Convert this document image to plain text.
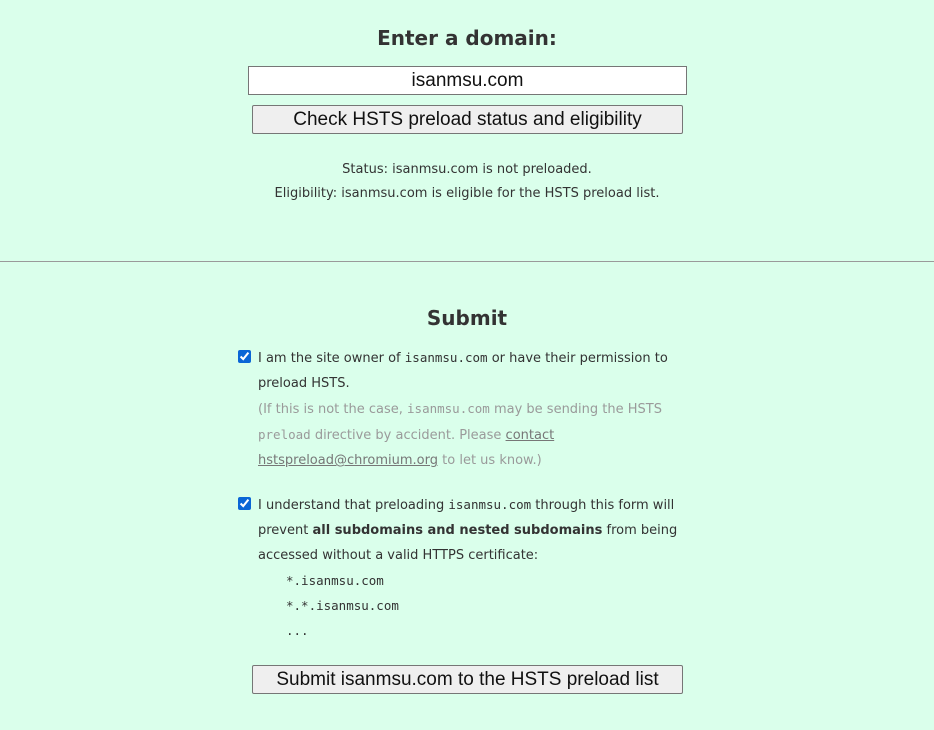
Enter a domain:
isanmsu.com
Check HSTS preload status and eligibility
Status: isanmsu.com is not preloaded.
Eligibility: isanmsu.com is eligible for the HSTS preload list.
Submit
I am the site owner of isanmsu.com or have their permission to preload HSTS.
(If this is not the case, isanmsu.com may be sending the HSTS preload directive by accident. Please contact hstspreload@chromium.org to let us know.)
I understand that preloading isanmsu.com through this form will prevent all subdomains and nested subdomains from being accessed without a valid HTTPS certificate:
*.isanmsu.com
*.*.isanmsu.com
...
Submit isanmsu.com to the HSTS preload list
